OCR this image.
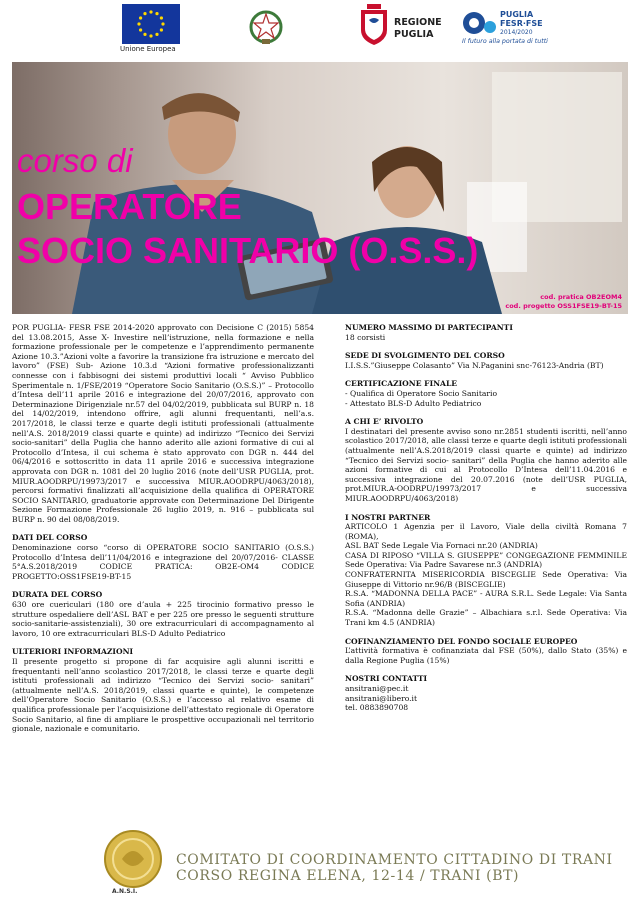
Unione Europea
REGIONE
PUGLIA
PUGLIA
FESR·FSE
2014/2020
Il futuro alla portata di tutti
corso di
OPERATORE
SOCIO SANITARIO (O.S.S.)
cod. pratica OB2EOM4
cod. progetto OSS1FSE19-BT-15

POR PUGLIA- FESR FSE 2014-2020 approvato con Decisione C (2015) 5854 del 13.08.2015, Asse X- Investire nell’istruzione, nella formazione e nella formazione professionale per le competenze e l’apprendimento permanente Azione 10.3.”Azioni volte a favorire la transizione fra istruzione e mercato del lavoro” (FSE) Sub- Azione 10.3.d “Azioni formative professionalizzanti connesse con i fabbisogni dei sistemi produttivi locali “ Avviso Pubblico Sperimentale n. 1/FSE/2019 “Operatore Socio Sanitario (O.S.S.)” – Protocollo d’Intesa dell’11 aprile 2016 e integrazione del 20/07/2016, approvato con Determinazione Dirigenziale nr.57 del 04/02/2019, pubblicata sul BURP n. 18 del 14/02/2019, intendono offrire, agli alunni frequentanti, nell’a.s. 2017/2018, le classi terze e quarte degli istituti professionali (attualmente nell’A.S. 2018/2019 classi quarte e quinte) ad indirizzo “Tecnico dei Servizi socio-sanitari” della Puglia che hanno aderito alle azioni formative di cui al Protocollo d’Intesa, il cui schema è stato approvato con DGR n. 444 del 06/4/2016 e sottoscritto in data 11 aprile 2016 e successiva integrazione approvata con DGR n. 1081 del 20 luglio 2016 (note dell’USR PUGLIA, prot. MIUR.AOODRPU/19973/2017 e successiva MIUR.AOODRPU/4063/2018), percorsi formativi finalizzati all’acquisizione della qualifica di OPERATORE SOCIO SANITARIO, graduatorie approvate con Determinazione Del Dirigente Sezione Formazione Professionale 26 luglio 2019, n. 916 – pubblicata sul BURP n. 90 del 08/08/2019.

DATI DEL CORSO

Denominazione corso “corso di OPERATORE SOCIO SANITARIO (O.S.S.) Protocollo d’Intesa dell’11/04/2016 e integrazione del 20/07/2016- CLASSE 5°A.S.2018/2019 CODICE PRATICA: OB2E-OM4 CODICE PROGETTO:OSS1FSE19-BT-15

DURATA DEL CORSO

630 ore cuericulari (180 ore d’aula + 225 tirocinio formativo presso le strutture ospedaliere dell’ASL BAT e per 225 ore presso le seguenti strutture socio-sanitarie-assistenziali), 30 ore extracurriculari di accompagnamento al lavoro, 10 ore extracurriculari BLS-D Adulto Pediatrico

ULTERIORI INFORMAZIONI

Il presente progetto si propone di far acquisire agli alunni iscritti e frequentanti nell’anno scolastico 2017/2018, le classi terze e quarte degli istituti professionali ad indirizzo “Tecnico dei Servizi socio- sanitari” (attualmente nell’A.S. 2018/2019, classi quarte e quinte), le competenze dell’Operatore Socio Sanitario (O.S.S.) e l’accesso al relativo esame di qualifica professionale per l’acquisizione dell’attestato regionale di Operatore Socio Sanitario, al fine di ampliare le prospettive occupazionali nel territorio gionale, nazionale e comunitario.

NUMERO MASSIMO DI PARTECIPANTI

18 corsisti

SEDE DI SVOLGIMENTO DEL CORSO

I.I.S.S.”Giuseppe Colasanto” Via N.Paganini snc-76123-Andria (BT)

CERTIFICAZIONE FINALE

- Qualifica di Operatore Socio Sanitario
- Attestato BLS-D Adulto Pediatrico

A CHI E’ RIVOLTO

I destinatari del presente avviso sono nr.2851 studenti iscritti, nell’anno scolastico 2017/2018, alle classi terze e quarte degli istituti professionali (attualmente nell’A.S.2018/2019 classi quarte e quinte) ad indirizzo “Tecnico dei Servizi socio- sanitari” della Puglia che hanno aderito alle azioni formative di cui al Protocollo D’Intesa dell’11.04.2016 e successiva integrazione del 20.07.2016 (note dell’USR PUGLIA, prot.MIUR.A-OODRPU/19973/2017 e successiva MIUR.AOODRPU/4063/2018)

I NOSTRI PARTNER

ARTICOLO 1 Agenzia per il Lavoro, Viale della civiltà Romana 7 (ROMA),

ASL BAT Sede Legale Via Fornaci nr.20 (ANDRIA)

CASA DI RIPOSO “VILLA S. GIUSEPPE” CONGEGAZIONE FEMMINILE Sede Operativa: Via Padre Savarese nr.3 (ANDRIA)

CONFRATERNITA MISERICORDIA BISCEGLIE Sede Operativa: Via Giuseppe di Vittorio nr.96/B (BISCEGLIE)

R.S.A. “MADONNA DELLA PACE” - AURA S.R.L. Sede Legale: Via Santa Sofia (ANDRIA)

R.S.A. “Madonna delle Grazie” – Albachiara s.r.l. Sede Operativa: Via Trani km 4.5 (ANDRIA)

COFINANZIAMENTO DEL FONDO SOCIALE EUROPEO

L’attività formativa è cofinanziata dal FSE (50%), dallo Stato (35%) e dalla Regione Puglia (15%)

NOSTRI CONTATTI

ansitrani@pec.it

ansitrani@libero.it

tel. 0883890708

A.N.S.I.
COMITATO DI COORDINAMENTO CITTADINO DI TRANI
CORSO REGINA ELENA, 12-14 / TRANI (BT)
